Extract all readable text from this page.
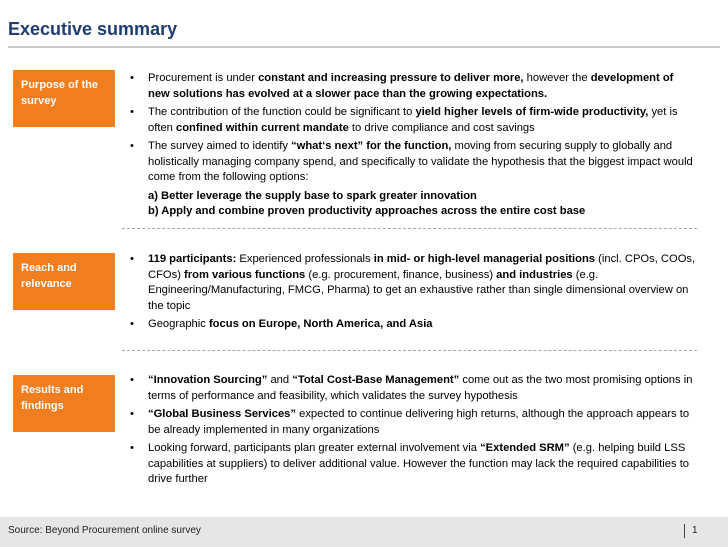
Executive summary
Purpose of the survey
• Procurement is under constant and increasing pressure to deliver more, however the development of new solutions has evolved at a slower pace than the growing expectations.
• The contribution of the function could be significant to yield higher levels of firm-wide productivity, yet is often confined within current mandate to drive compliance and cost savings
• The survey aimed to identify “what‘s next” for the function, moving from securing supply to globally and holistically managing company spend, and specifically to validate the hypothesis that the biggest impact would come from the following options:
a) Better leverage the supply base to spark greater innovation
b) Apply and combine proven productivity approaches across the entire cost base
Reach and relevance
• 119 participants: Experienced professionals in mid- or high-level managerial positions (incl. CPOs, COOs, CFOs) from various functions (e.g. procurement, finance, business) and industries (e.g. Engineering/Manufacturing, FMCG, Pharma) to get an exhaustive rather than single dimensional overview on the topic
• Geographic focus on Europe, North America, and Asia
Results and findings
• “Innovation Sourcing” and “Total Cost-Base Management” come out as the two most promising options in terms of performance and feasibility, which validates the survey hypothesis
• “Global Business Services” expected to continue delivering high returns, although the approach appears to be already implemented in many organizations
• Looking forward, participants plan greater external involvement via “Extended SRM” (e.g. helping build LSS capabilities at suppliers) to deliver additional value. However the function may lack the required capabilities to drive further
Source: Beyond Procurement online survey	1
